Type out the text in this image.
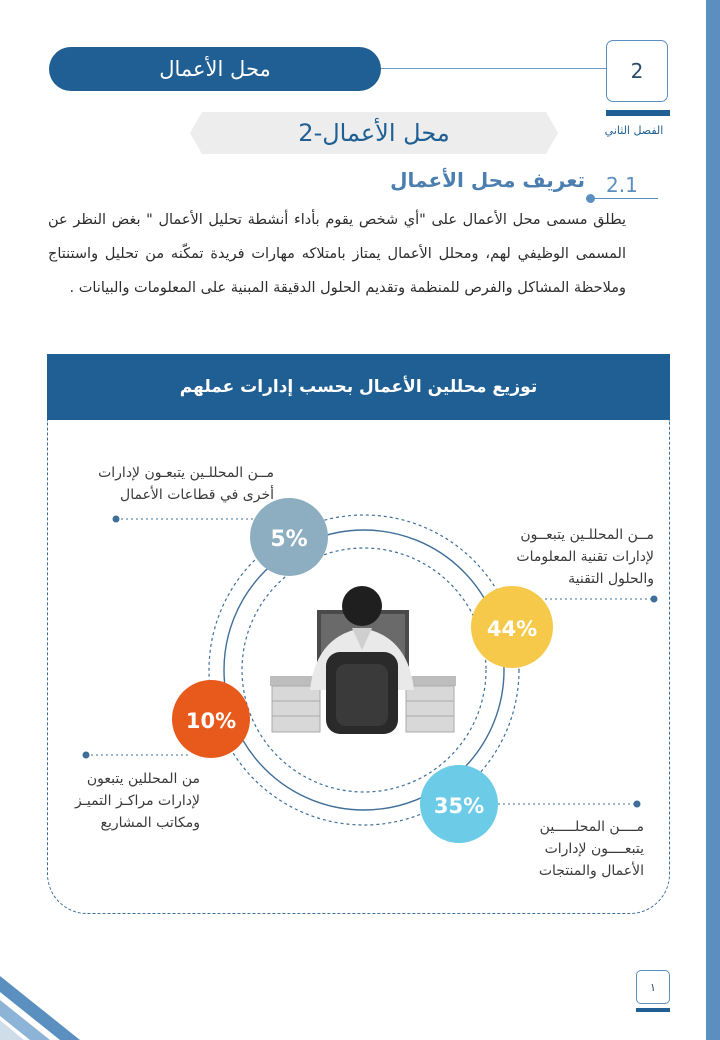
محل الأعمال	2
الفصل الثاني
2-محل الأعمال
2.1
تعريف محل الأعمال
يطلق مسمى محل الأعمال على "أي شخص يقوم بأداء أنشطة تحليل الأعمال " بغض النظر عن المسمى الوظيفي لهم، ومحلل الأعمال يمتاز بامتلاكه مهارات فريدة تمكّنه من تحليل واستنتاج وملاحظة المشاكل والفرص للمنظمة وتقديم الحلول الدقيقة المبنية على المعلومات والبيانات .
توزيع محللين الأعمال بحسب إدارات عملهم
5%
44%
10%
35%
مــن المحللـين يتبعـون لإدارات
أخرى في قطاعات الأعمال
مــن المحللـين يتبعــون
لإدارات تقنية المعلومات
والحلول التقنية
من المحللين يتبعون
لإدارات مراكـز التميـز
ومكاتب المشاريع	مــــن المحلـــــين
يتبعــــون لإدارات
الأعمال والمنتجات
١
